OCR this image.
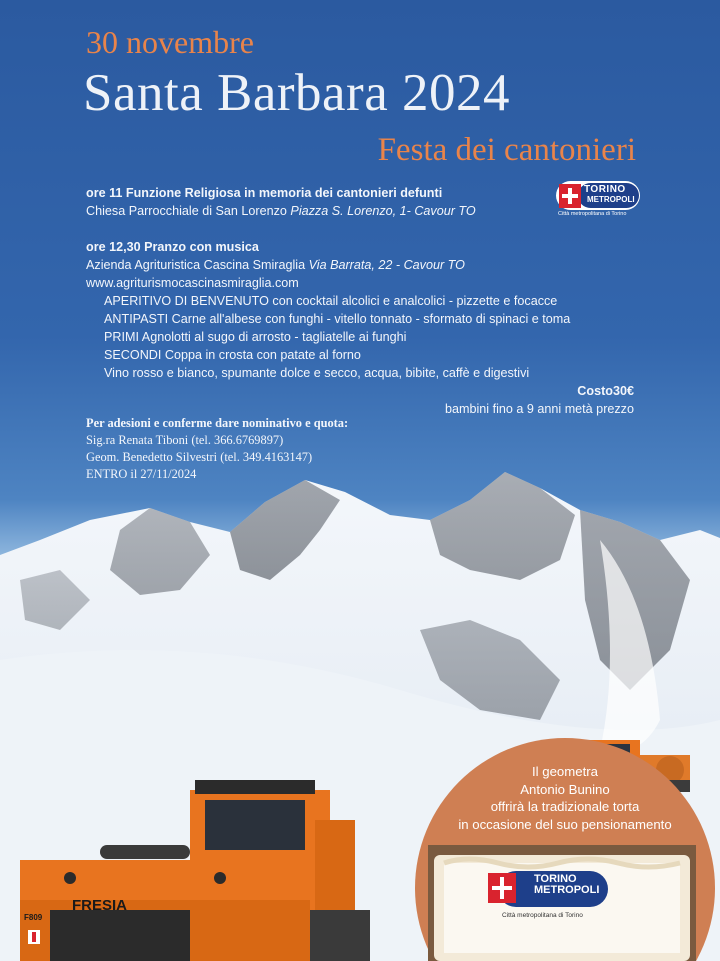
FRESIA
F809
Il geometra
Antonio Bunino
offrirà la tradizionale torta
in occasione del suo pensionamento
TORINO
METROPOLI
Città metropolitana di Torino
30 novembre
Santa Barbara 2024
Festa dei cantonieri
TORINO
METROPOLI
Città metropolitana di Torino
ore 11 Funzione Religiosa in memoria dei cantonieri defunti
Chiesa Parrocchiale di San Lorenzo Piazza S. Lorenzo, 1- Cavour TO
ore 12,30 Pranzo con musica
Azienda Agrituristica Cascina Smiraglia Via Barrata, 22 - Cavour TO
www.agriturismocascinasmiraglia.com
APERITIVO DI BENVENUTO con cocktail alcolici e analcolici - pizzette e focacce
ANTIPASTI Carne all'albese con funghi - vitello tonnato - sformato di spinaci e toma
PRIMI Agnolotti al sugo di arrosto - tagliatelle ai funghi
SECONDI Coppa in crosta con patate al forno
Vino rosso e bianco, spumante dolce e secco, acqua, bibite, caffè e digestivi
Costo30€
bambini fino a 9 anni metà prezzo
Per adesioni e conferme dare nominativo e quota:
Sig.ra Renata Tiboni (tel. 366.6769897)
Geom. Benedetto Silvestri (tel. 349.4163147)
ENTRO il 27/11/2024
